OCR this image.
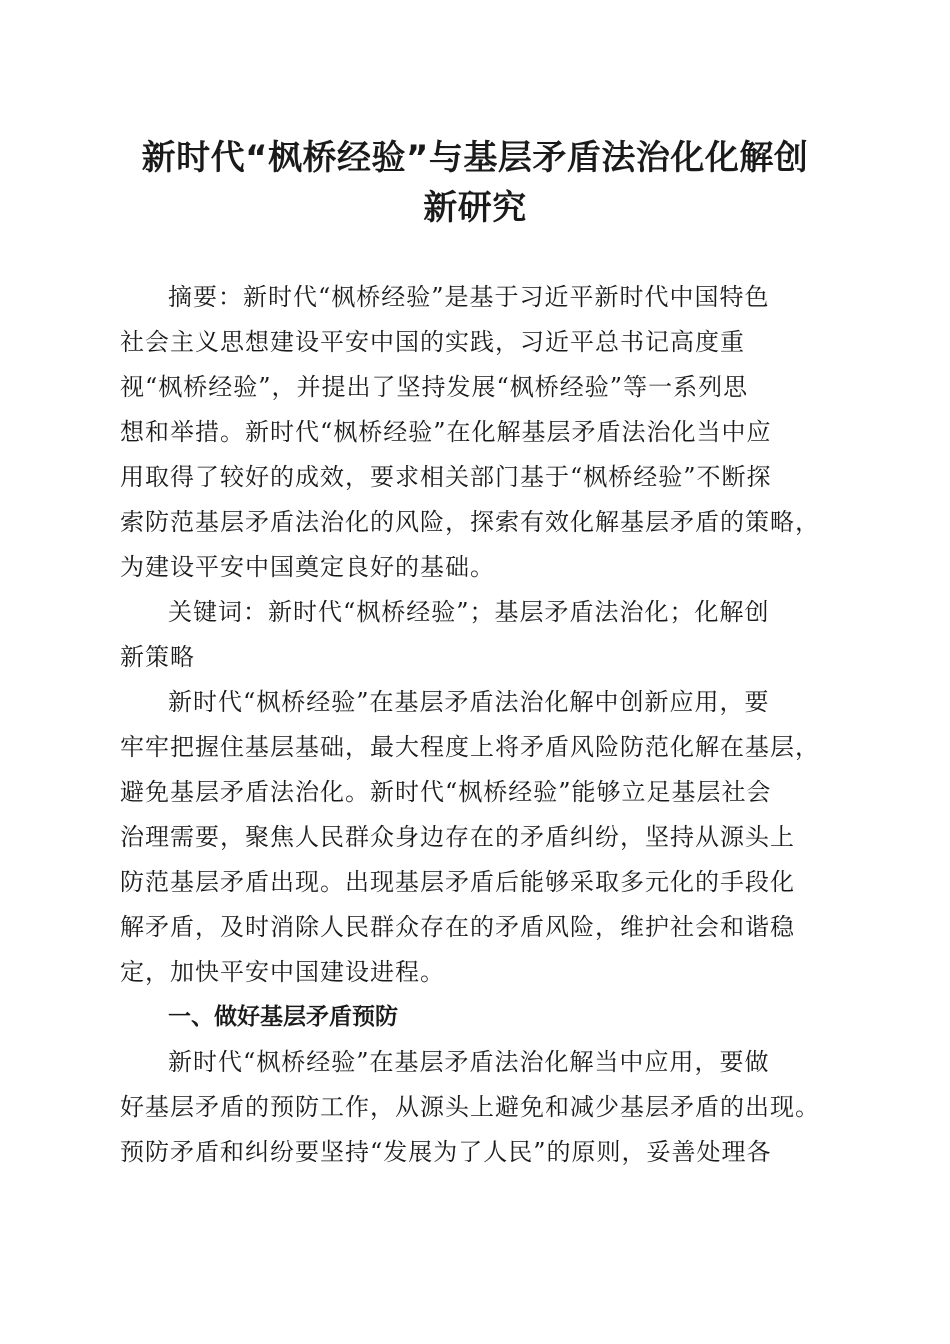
新时代“枫桥经验”与基层矛盾法治化化解创
新研究

摘要：新时代“枫桥经验”是基于习近平新时代中国特色
社会主义思想建设平安中国的实践，习近平总书记高度重
视“枫桥经验”，并提出了坚持发展“枫桥经验”等一系列思
想和举措。新时代“枫桥经验”在化解基层矛盾法治化当中应
用取得了较好的成效，要求相关部门基于“枫桥经验”不断探
索防范基层矛盾法治化的风险，探索有效化解基层矛盾的策略，
为建设平安中国奠定良好的基础。

关键词：新时代“枫桥经验”；基层矛盾法治化；化解创
新策略

新时代“枫桥经验”在基层矛盾法治化解中创新应用，要
牢牢把握住基层基础，最大程度上将矛盾风险防范化解在基层，
避免基层矛盾法治化。新时代“枫桥经验”能够立足基层社会
治理需要，聚焦人民群众身边存在的矛盾纠纷，坚持从源头上
防范基层矛盾出现。出现基层矛盾后能够采取多元化的手段化
解矛盾，及时消除人民群众存在的矛盾风险，维护社会和谐稳
定，加快平安中国建设进程。

一、做好基层矛盾预防

新时代“枫桥经验”在基层矛盾法治化解当中应用，要做
好基层矛盾的预防工作，从源头上避免和减少基层矛盾的出现。
预防矛盾和纠纷要坚持“发展为了人民”的原则，妥善处理各
